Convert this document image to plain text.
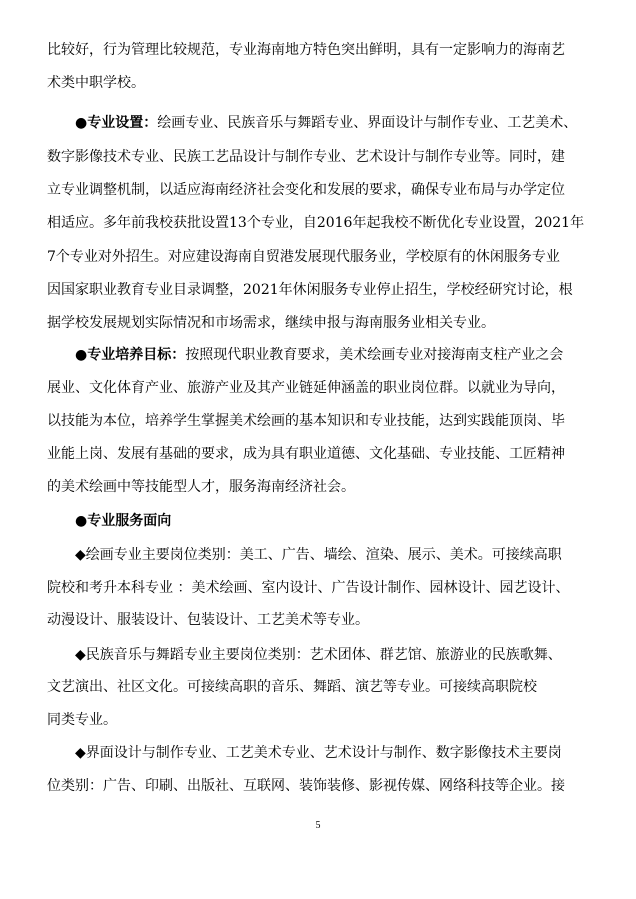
比较好，行为管理比较规范，专业海南地方特色突出鲜明，具有一定影响力的海南艺
术类中职学校。
●专业设置：绘画专业、民族音乐与舞蹈专业、界面设计与制作专业、工艺美术、
数字影像技术专业、民族工艺品设计与制作专业、艺术设计与制作专业等。同时，建
立专业调整机制，以适应海南经济社会变化和发展的要求，确保专业布局与办学定位
相适应。多年前我校获批设置13个专业，自2016年起我校不断优化专业设置，2021年
7个专业对外招生。对应建设海南自贸港发展现代服务业，学校原有的休闲服务专业
因国家职业教育专业目录调整，2021年休闲服务专业停止招生，学校经研究讨论，根
据学校发展规划实际情况和市场需求，继续申报与海南服务业相关专业。
●专业培养目标：按照现代职业教育要求，美术绘画专业对接海南支柱产业之会
展业、文化体育产业、旅游产业及其产业链延伸涵盖的职业岗位群。以就业为导向，
以技能为本位，培养学生掌握美术绘画的基本知识和专业技能，达到实践能顶岗、毕
业能上岗、发展有基础的要求，成为具有职业道德、文化基础、专业技能、工匠精神
的美术绘画中等技能型人才，服务海南经济社会。
●专业服务面向
◆绘画专业主要岗位类别：美工、广告、墙绘、渲染、展示、美术。可接续高职
院校和考升本科专业 ：美术绘画、室内设计、广告设计制作、园林设计、园艺设计、
动漫设计、服装设计、包装设计、工艺美术等专业。
◆民族音乐与舞蹈专业主要岗位类别：艺术团体、群艺馆、旅游业的民族歌舞、
文艺演出、社区文化。可接续高职的音乐、舞蹈、演艺等专业。可接续高职院校
同类专业。
◆界面设计与制作专业、工艺美术专业、艺术设计与制作、数字影像技术主要岗
位类别：广告、印刷、出版社、互联网、装饰装修、影视传媒、网络科技等企业。接
5
